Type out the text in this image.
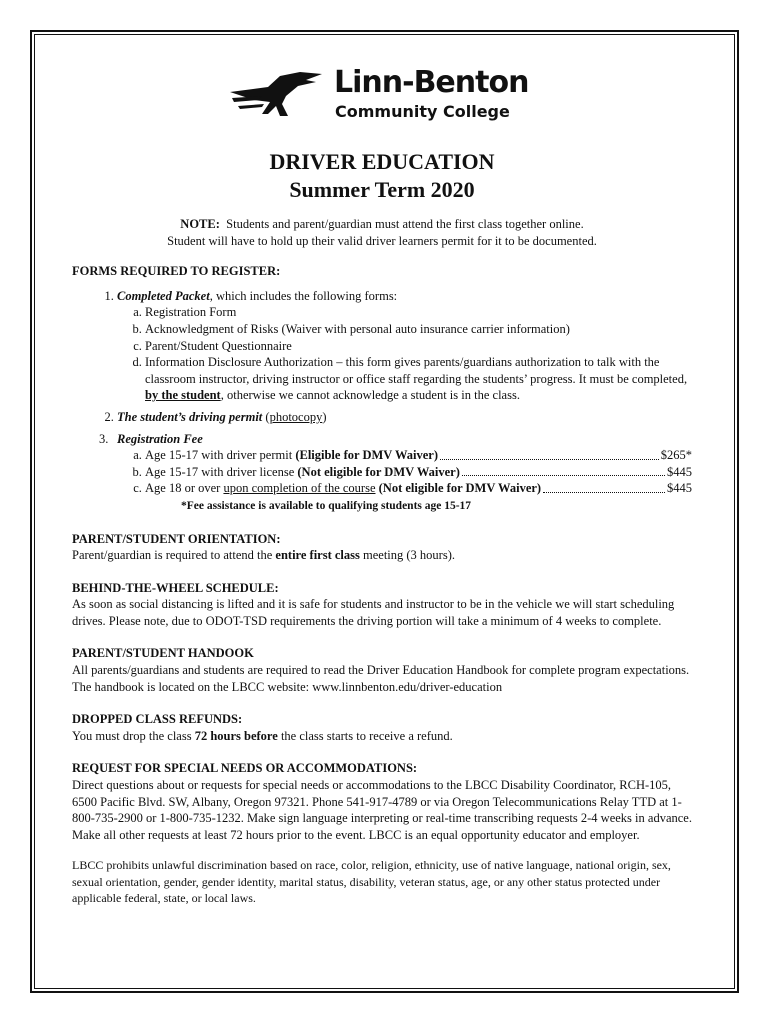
Linn-Benton
Community College
DRIVER EDUCATION
Summer Term 2020
NOTE: Students and parent/guardian must attend the first class together online.
Student will have to hold up their valid driver learners permit for it to be documented.
FORMS REQUIRED TO REGISTER:
1. Completed Packet, which includes the following forms:
a. Registration Form
b. Acknowledgment of Risks (Waiver with personal auto insurance carrier information)
c. Parent/Student Questionnaire
d. Information Disclosure Authorization – this form gives parents/guardians authorization to talk with the classroom instructor, driving instructor or office staff regarding the students’ progress. It must be completed, by the student, otherwise we cannot acknowledge a student is in the class.
2. The student’s driving permit (photocopy)
3. Registration Fee
a. Age 15-17 with driver permit (Eligible for DMV Waiver)	$265*
b. Age 15-17 with driver license (Not eligible for DMV Waiver)	$445
c. Age 18 or over upon completion of the course (Not eligible for DMV Waiver)	$445
*Fee assistance is available to qualifying students age 15-17
PARENT/STUDENT ORIENTATION:
Parent/guardian is required to attend the entire first class meeting (3 hours).
BEHIND-THE-WHEEL SCHEDULE:
As soon as social distancing is lifted and it is safe for students and instructor to be in the vehicle we will start scheduling drives. Please note, due to ODOT-TSD requirements the driving portion will take a minimum of 4 weeks to complete.
PARENT/STUDENT HANDOOK
All parents/guardians and students are required to read the Driver Education Handbook for complete program expectations. The handbook is located on the LBCC website: www.linnbenton.edu/driver-education
DROPPED CLASS REFUNDS:
You must drop the class 72 hours before the class starts to receive a refund.
REQUEST FOR SPECIAL NEEDS OR ACCOMMODATIONS:
Direct questions about or requests for special needs or accommodations to the LBCC Disability Coordinator, RCH-105, 6500 Pacific Blvd. SW, Albany, Oregon 97321. Phone 541-917-4789 or via Oregon Telecommunications Relay TTD at 1-800-735-2900 or 1-800-735-1232. Make sign language interpreting or real-time transcribing requests 2-4 weeks in advance. Make all other requests at least 72 hours prior to the event. LBCC is an equal opportunity educator and employer.
LBCC prohibits unlawful discrimination based on race, color, religion, ethnicity, use of native language, national origin, sex, sexual orientation, gender, gender identity, marital status, disability, veteran status, age, or any other status protected under applicable federal, state, or local laws.
